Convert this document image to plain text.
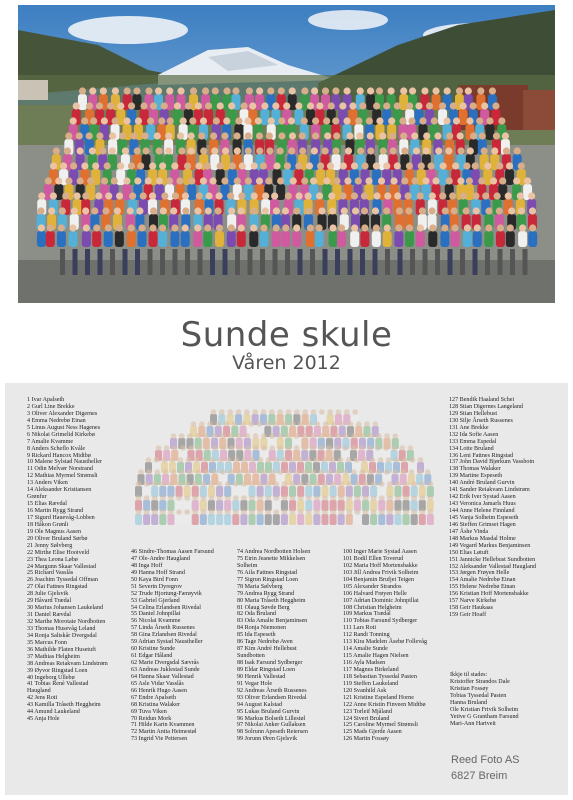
Sunde skule
Våren 2012
1 Ivar Apalseth
2 Gurl Line Brekke
3 Oliver Alexander Digernes
4 Emma Nedrebø Einan
5 Linus August Ness Hagenes
6 Nikolai Grimelid Kirkebø
7 Amalie Kvamme
8 Anders Scheflo Kvåle
9 Rickard Hancox Midtbø
10 Malene Sylstad Naustheller
11 Odin Melvær Norstrand
12 Mathias Myrmel Strømsli
13 Anders Viken
14 Aleksander Kristiansen
Grønfur
15 Elias Rævdal
16 Martin Rygg Strand
17 Sigurd Hauevåg-Lobben
18 Håkon Grønli
19 Ole Magnus Aasen
20 Oliver Bruland Sørbø
21 Jenny Sølvberg
22 Mirthe Elise Hooiveld
23 Thea Leona Løbø
24 Margunn Skaar Vallestad
25 Richard Vasslås
26 Joachim Tyssedal Offman
27 Olai Fattnes Ringstad
28 Julie Gjelsvik
29 Håvard Trædal
30 Marius Johansen Laukeland
31 Daniel Rævdal
32 Marthe Morotaie Nordbotten
33 Thomas Husevåg Leland
34 Ronja Saltskår Dvergsdal
35 Marcus Fonn
36 Mathilde Flaten Husetuft
37 Mathias Helgheim
38 Andreas Reiakvam Lindstrøm
39 Øyvor Ringstad Loen
40 Ingeborg Ullebø
41 Tobias Renè Vallestad
Haugland
42 Jens Roti
43 Kamilla Tråseth Heggheim
44 Amund Laukeland
45 Anja Hole
46 Sindre-Thomas Aasen Farsund
47 Ole-Andre Haugland
48 Inga Hoff
49 Hanna Hoff Strand
50 Kaya Bird Fonn
51 Severin Dyregrov
52 Trude Hjortung-Færøyvik
53 Gabriel Gjerland
54 Celina Erlandsen Rivedal
55 Daniel Johnpillai
56 Nicolai Kvamme
57 Linda Årseth Russenes
58 Gina Erlandsen Rivedal
59 Adrian Systad Naustheller
60 Kristine Sunde
61 Edgar Håland
62 Marie Dvergsdal Sævrås
63 Andreas Juklestad Sunde
64 Hanna Skaar Vallestad
65 Asle Vidar Vasslås
66 Henrik Hugo Aasen
67 Endre Apalseth
68 Kristina Walaker
69 Tuva Viken
70 Reidun Mork
71 Hilde Karin Kvammen
72 Martin Anita Heimestøl
73 Ingrid Vie Pettersen
74 Andrea Nordbotten Holsen
75 Eirin Jeanette Mikkelsen
Solheim
76 Aila Fattnes Ringstad
77 Sigrun Ringstad Loen
78 Maria Sølvberg
79 Andrea Rygg Strand
80 Maria Tråseth Heggheim
81 Olaug Søvde Berg
82 Oda Bruland
83 Oda Amalie Benjaminsen
84 Ronja Niemonen
85 Ida Espeseth
86 Tage Nedrebø Aven
87 Kim André Hellebust
Sundbotten
88 Isak Farsund Sydberger
89 Eldar Ringstad Loen
90 Henrik Vallestad
91 Vegar Hole
92 Andreas Årseth Russenes
93 Oliver Erlandsen Rivedal
94 August Kalstad
95 Lukas Bruland Gurvin
96 Markus Bolseth Lillestøl
97 Nikolai Anker Gullaksen
98 Solrunn Apeseth Reiersen
99 Jorunn Øren Gjelsvik
100 Inger Marie Systad Aasen
101 Bodil Ellen Toverud
102 Maria Hoff Mortensbakke
103 Jill Andrea Frivik Solheim
104 Benjamin Brufjet Teigen
105 Alexander Strandos
106 Halvard Frøyen Helle
107 Adrian Dominic Johnpillai
108 Christian Helgheim
109 Markus Trædal
110 Tobias Farsund Sydberger
111 Lars Roti
112 Randi Tonning
113 Kira Madelen Åsebø Follevåg
114 Amalie Sunde
115 Amalie Hagen Nielsen
116 Ayla Madsen
117 Magnus Birkeland
118 Sebastian Tyssedal Pasten
119 Steffen Laukeland
120 Svanhild Ask
121 Kristine Espeland Horne
122 Anne Kristin Finveen Midtbø
123 Torleif Mjåland
124 Sivert Bruland
125 Caroline Myrmel Strømsli
125 Mads Gjerde Aasen
126 Martin Fossøy
127 Bendik Haaland Schei
128 Stian Digernes Langeland
129 Stian Hellebust
130 Silje Årseth Russenes
131 Ane Brekke
132 Ida Sofie Aasen
133 Emma Espedal
134 Lotte Bruland
136 Leni Fattnes Ringstad
137 John David Bjørkum Vassbotn
138 Thomas Walaker
139 Martine Espeseth
140 André Bruland Gurvin
141 Sander Reiakvam Lindstrøm
142 Erik Iver Systad Aasen
143 Veronica Jamarls Huus
144 Anne Helene Finnland
145 Vanja Solheim Espeseth
146 Steffen Grimset Hagen
147 Åshe Vinda
148 Markus Masdal Holme
149 Vegard Markus Benjaminsen
150 Elias Løtuft
151 Jannicke Hellebust Sundbotten
152 Aleksander Vallestad Haugland
153 Jørgen Frøyen Helle
154 Amalie Nedrebø Einan
155 Helene Nedrebø Einan
156 Kristian Hoff Mortensbakke
157 Narve Kirkebø
158 Geir Haukaas
159 Geir Hoaff
Ikkje til stades:
Kristoffer Strandos Dale
Kristian Fossøy
Tobias Tyssedal Pasten
Hanna Bruland
Ole Kristian Frivik Solheim
Yetive G Grantham Farsund
Mari-Ann Hartveit
Reed Foto AS
6827 Breim
